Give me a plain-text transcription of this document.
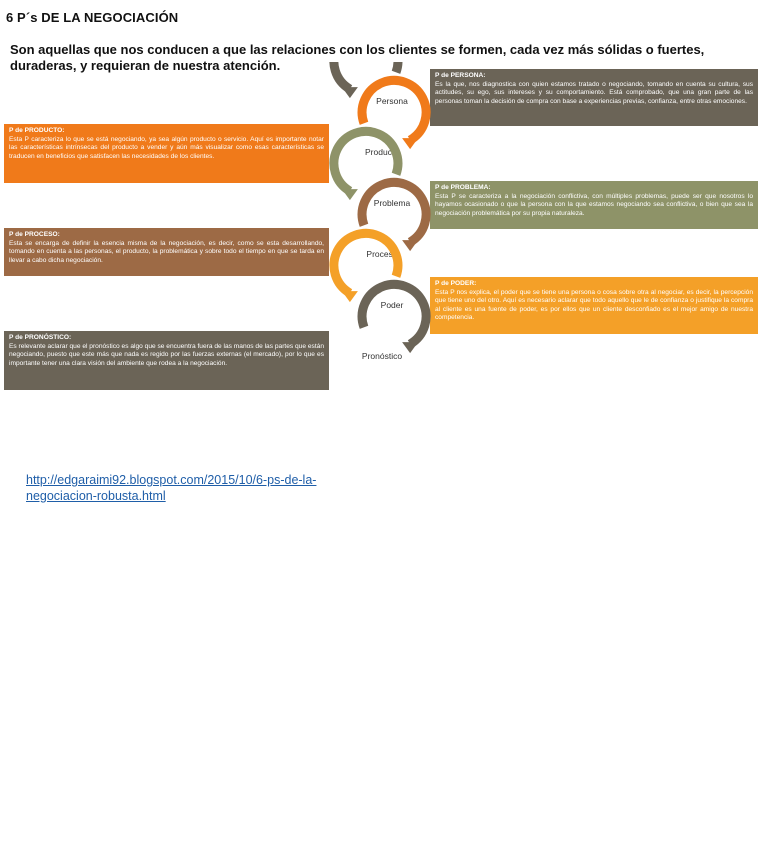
6 P´s DE LA NEGOCIACIÓN
Son aquellas que nos conducen a que las relaciones con los clientes se formen, cada vez más sólidas o fuertes, duraderas, y requieran de nuestra atención.
P de PERSONA:
Es la que, nos diagnostica con quien estamos tratado o negociando, tomando en cuenta su cultura, sus actitudes, su ego, sus intereses y su comportamiento. Está comprobado, que una gran parte de las personas toman la decisión de compra con base a experiencias previas, confianza, entre otras emociones.
P de PRODUCTO:
Esta P caracteriza lo que se está negociando, ya sea algún producto o servicio. Aquí es importante notar las características intrínsecas del producto a vender y aún más visualizar como esas características se traducen en beneficios que satisfacen las necesidades de los clientes.
P de PROBLEMA:
Esta P se caracteriza a la negociación conflictiva, con múltiples problemas, puede ser que nosotros lo hayamos ocasionado o que la persona con la que estamos negociando sea conflictiva, o bien que sea la negociación problemática por su propia naturaleza.
P de PROCESO:
Esta se encarga de definir la esencia misma de la negociación, es decir, como se esta desarrollando, tomando en cuenta a las personas, el producto, la problemática y sobre todo el tiempo en que se tarda en llevar a cabo dicha negociación.
P de PODER:
Esta P nos explica, el poder que se tiene una persona o cosa sobre otra al negociar, es decir, la percepción que tiene uno del otro. Aquí es necesario aclarar que todo aquello que le de confianza o justifique la compra al cliente es una fuente de poder, es por ellos que un cliente desconfiado es el mejor amigo de nuestra competencia.
P de PRONÓSTICO:
Es relevante aclarar que el pronóstico es algo que se encuentra fuera de las manos de las partes que están negociando, puesto que este más que nada es regido por las fuerzas externas (el mercado), por lo que es importante tener una clara visión del ambiente que rodea a la negociación.
Persona
Producto
Problema
Proceso
Poder
Pronóstico
http://edgaraimi92.blogspot.com/2015/10/6-ps-de-la-negociacion-robusta.html
